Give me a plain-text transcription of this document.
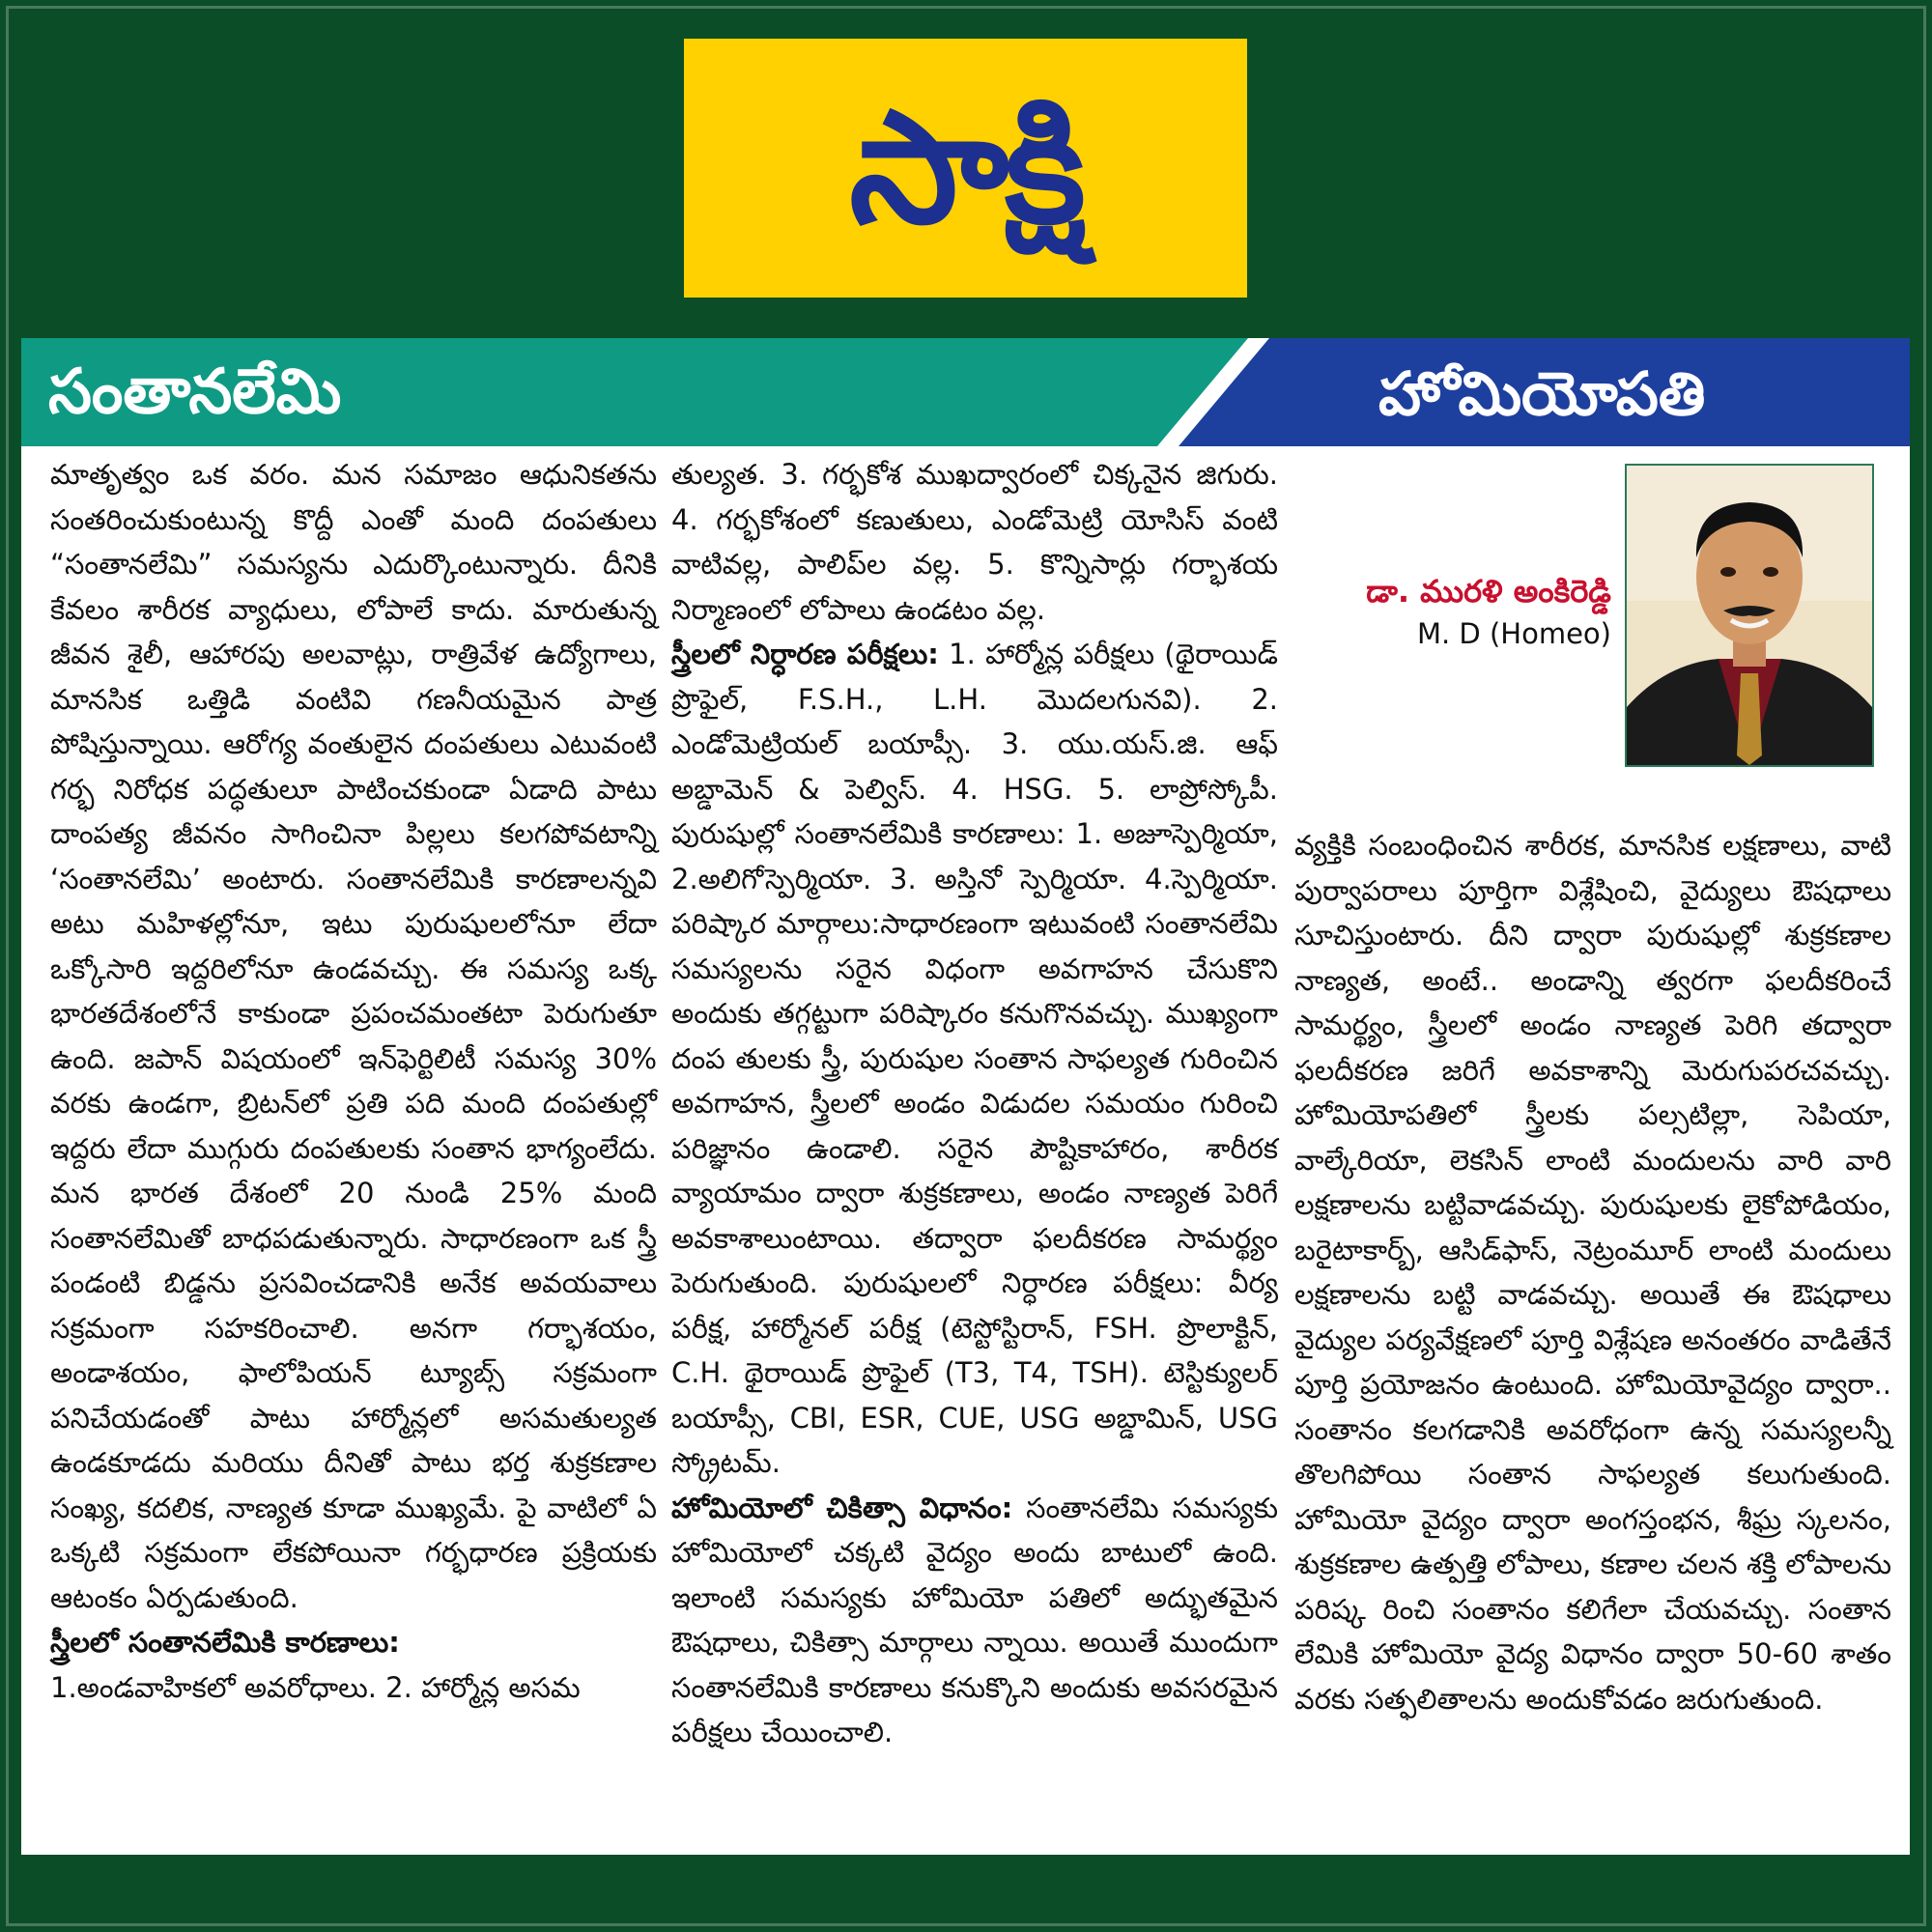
సాక్షి
సంతానలేమి	హోమియోపతి

మాతృత్వం ఒక వరం. మన సమాజం ఆధునికతను సంతరించుకుంటున్న కొద్దీ ఎంతో మంది దంపతులు “సంతానలేమి” సమస్యను ఎదుర్కొంటున్నారు. దీనికి కేవలం శారీరక వ్యాధులు, లోపాలే కాదు. మారుతున్న జీవన శైలీ, ఆహారపు అలవాట్లు, రాత్రివేళ ఉద్యోగాలు, మానసిక ఒత్తిడి వంటివి గణనీయమైన పాత్ర పోషిస్తున్నాయి. ఆరోగ్య వంతులైన దంపతులు ఎటువంటి గర్భ నిరోధక పద్ధతులూ పాటించకుండా ఏడాది పాటు దాంపత్య జీవనం సాగించినా పిల్లలు కలగపోవటాన్ని ‘సంతానలేమి’ అంటారు. సంతానలేమికి కారణాలన్నవి అటు మహిళల్లోనూ, ఇటు పురుషులలోనూ లేదా ఒక్కోసారి ఇద్దరిలోనూ ఉండవచ్చు. ఈ సమస్య ఒక్క భారతదేశంలోనే కాకుండా ప్రపంచమంతటా పెరుగుతూ ఉంది. జపాన్ విషయంలో ఇన్‌ఫెర్టిలిటీ సమస్య 30% వరకు ఉండగా, బ్రిటన్‌లో ప్రతి పది మంది దంపతుల్లో ఇద్దరు లేదా ముగ్గురు దంపతులకు సంతాన భాగ్యంలేదు. మన భారత దేశంలో 20 నుండి 25% మంది సంతానలేమితో బాధపడుతున్నారు. సాధారణంగా ఒక స్త్రీ పండంటి బిడ్డను ప్రసవించడానికి అనేక అవయవాలు సక్రమంగా సహకరించాలి. అనగా గర్భాశయం, అండాశయం, ఫాలోపియన్ ట్యూబ్స్ సక్రమంగా పనిచేయడంతో పాటు హార్మోన్లలో అసమతుల్యత ఉండకూడదు మరియు దీనితో పాటు భర్త శుక్రకణాల సంఖ్య, కదలిక, నాణ్యత కూడా ముఖ్యమే. పై వాటిలో ఏ ఒక్కటి సక్రమంగా లేకపోయినా గర్భధారణ ప్రక్రియకు ఆటంకం ఏర్పడుతుంది.

స్త్రీలలో సంతానలేమికి కారణాలు:

1.అండవాహికలో అవరోధాలు. 2. హార్మోన్ల అసమ

తుల్యత. 3. గర్భకోశ ముఖద్వారంలో చిక్కనైన జిగురు. 4. గర్భకోశంలో కణుతులు, ఎండోమెట్రి యోసిస్ వంటి వాటివల్ల, పాలిప్‌ల వల్ల. 5. కొన్నిసార్లు గర్భాశయ నిర్మాణంలో లోపాలు ఉండటం వల్ల.

స్త్రీలలో నిర్ధారణ పరీక్షలు: 1. హార్మోన్ల పరీక్షలు (థైరాయిడ్ ప్రొఫైల్, F.S.H., L.H. మొదలగునవి). 2. ఎండోమెట్రియల్ బయాప్సీ. 3. యు.యస్.జి. ఆఫ్ అబ్డామెన్ & పెల్విస్. 4. HSG. 5. లాప్రోస్కోపీ. పురుషుల్లో సంతానలేమికి కారణాలు: 1. అజూస్పెర్మియా, 2.అలిగోస్పెర్మియా. 3. అస్తినో స్పెర్మియా. 4.స్పెర్మియా. పరిష్కార మార్గాలు:సాధారణంగా ఇటువంటి సంతానలేమి సమస్యలను సరైన విధంగా అవగాహన చేసుకొని అందుకు తగ్గట్టుగా పరిష్కారం కనుగొనవచ్చు. ముఖ్యంగా దంప తులకు స్త్రీ, పురుషుల సంతాన సాఫల్యత గురించిన అవగాహన, స్త్రీలలో అండం విడుదల సమయం గురించి పరిజ్ఞానం ఉండాలి. సరైన పౌష్టికాహారం, శారీరక వ్యాయామం ద్వారా శుక్రకణాలు, అండం నాణ్యత పెరిగే అవకాశాలుంటాయి. తద్వారా ఫలదీకరణ సామర్థ్యం పెరుగుతుంది. పురుషులలో నిర్ధారణ పరీక్షలు: వీర్య పరీక్ష, హార్మోనల్ పరీక్ష (టెస్టోస్టిరాన్, FSH. ప్రొలాక్టిన్, C.H. థైరాయిడ్ ప్రొఫైల్ (T3, T4, TSH). టెస్టిక్యులర్ బయాప్సీ, CBI, ESR, CUE, USG అబ్డామిన్, USG స్క్రోటమ్.

హోమియోలో చికిత్సా విధానం: సంతానలేమి సమస్యకు హోమియోలో చక్కటి వైద్యం అందు బాటులో ఉంది. ఇలాంటి సమస్యకు హోమియో పతిలో అద్భుతమైన ఔషధాలు, చికిత్సా మార్గాలు న్నాయి. అయితే ముందుగా సంతానలేమికి కారణాలు కనుక్కొని అందుకు అవసరమైన పరీక్షలు చేయించాలి.

డా. మురళి అంకిరెడ్డి
M. D (Homeo)

వ్యక్తికి సంబంధించిన శారీరక, మానసిక లక్షణాలు, వాటి పుర్వాపరాలు పూర్తిగా విశ్లేషించి, వైద్యులు ఔషధాలు సూచిస్తుంటారు. దీని ద్వారా పురుషుల్లో శుక్రకణాల నాణ్యత, అంటే.. అండాన్ని త్వరగా ఫలదీకరించే సామర్థ్యం, స్త్రీలలో అండం నాణ్యత పెరిగి తద్వారా ఫలదీకరణ జరిగే అవకాశాన్ని మెరుగుపరచవచ్చు. హోమియోపతిలో స్త్రీలకు పల్సటిల్లా, సెపియా, వాల్కేరియా, లెకసిన్ లాంటి మందులను వారి వారి లక్షణాలను బట్టివాడవచ్చు. పురుషులకు లైకోపోడియం, బరైటాకార్బ్, ఆసిడ్‌ఫాస్, నెట్రంమూర్ లాంటి మందులు లక్షణాలను బట్టి వాడవచ్చు. అయితే ఈ ఔషధాలు వైద్యుల పర్యవేక్షణలో పూర్తి విశ్లేషణ అనంతరం వాడితేనే పూర్తి ప్రయోజనం ఉంటుంది. హోమియోవైద్యం ద్వారా.. సంతానం కలగడానికి అవరోధంగా ఉన్న సమస్యలన్నీ తొలగిపోయి సంతాన సాఫల్యత కలుగుతుంది. హోమియో వైద్యం ద్వారా అంగస్తంభన, శీఘ్ర స్కలనం, శుక్రకణాల ఉత్పత్తి లోపాలు, కణాల చలన శక్తి లోపాలను పరిష్క రించి సంతానం కలిగేలా చేయవచ్చు. సంతాన లేమికి హోమియో వైద్య విధానం ద్వారా 50-60 శాతం వరకు సత్ఫలితాలను అందుకోవడం జరుగుతుంది.
